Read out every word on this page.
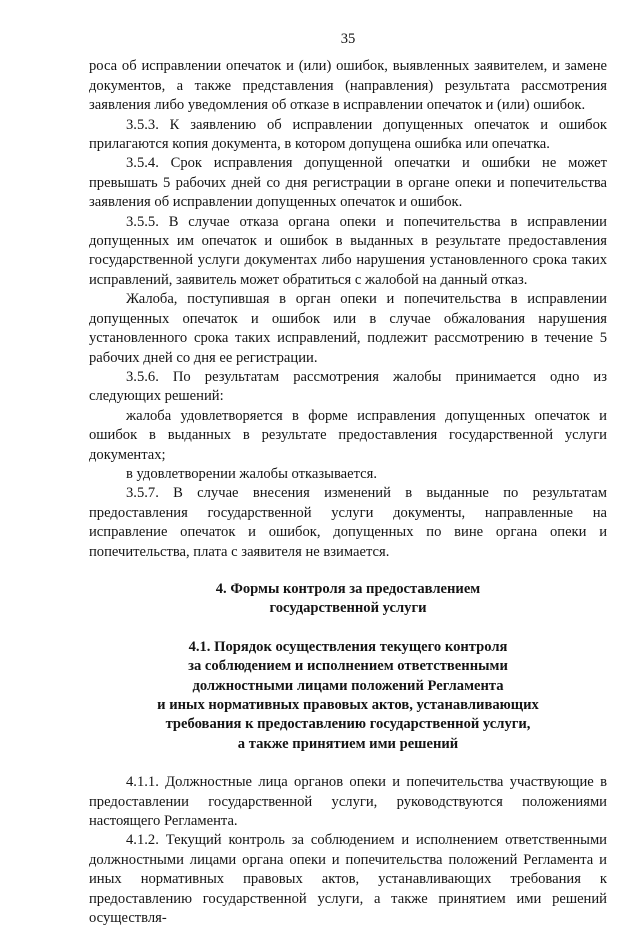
35

роса об исправлении опечаток и (или) ошибок, выявленных заявителем, и замене документов, а также представления (направления) результата рассмотрения заявления либо уведомления об отказе в исправлении опечаток и (или) ошибок.

3.5.3. К заявлению об исправлении допущенных опечаток и ошибок прилагаются копия документа, в котором допущена ошибка или опечатка.

3.5.4. Срок исправления допущенной опечатки и ошибки не может превышать 5 рабочих дней со дня регистрации в органе опеки и попечительства заявления об исправлении допущенных опечаток и ошибок.

3.5.5. В случае отказа органа опеки и попечительства в исправлении допущенных им опечаток и ошибок в выданных в результате предоставления государственной услуги документах либо нарушения установленного срока таких исправлений, заявитель может обратиться с жалобой на данный отказ.

Жалоба, поступившая в орган опеки и попечительства в исправлении допущенных опечаток и ошибок или в случае обжалования нарушения установленного срока таких исправлений, подлежит рассмотрению в течение 5 рабочих дней со дня ее регистрации.

3.5.6. По результатам рассмотрения жалобы принимается одно из следующих решений:

жалоба удовлетворяется в форме исправления допущенных опечаток и ошибок в выданных в результате предоставления государственной услуги документах;

в удовлетворении жалобы отказывается.

3.5.7. В случае внесения изменений в выданные по результатам предоставления государственной услуги документы, направленные на исправление опечаток и ошибок, допущенных по вине органа опеки и попечительства, плата с заявителя не взимается.

4. Формы контроля за предоставлением
государственной услуги
4.1. Порядок осуществления текущего контроля
за соблюдением и исполнением ответственными
должностными лицами положений Регламента
и иных нормативных правовых актов, устанавливающих
требования к предоставлению государственной услуги,
а также принятием ими решений

4.1.1. Должностные лица органов опеки и попечительства участвующие в предоставлении государственной услуги, руководствуются положениями настоящего Регламента.

4.1.2. Текущий контроль за соблюдением и исполнением ответственными должностными лицами органа опеки и попечительства положений Регламента и иных нормативных правовых актов, устанавливающих требования к предоставлению государственной услуги, а также принятием ими решений осуществля-
